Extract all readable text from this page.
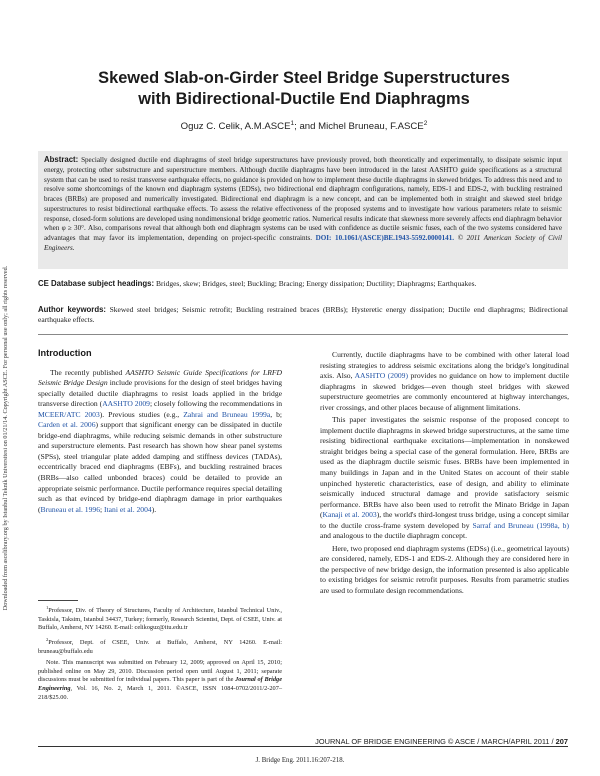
Downloaded from ascelibrary.org by Istanbul Teknik Universitesi on 01/21/14. Copyright ASCE. For personal use only; all rights reserved.
Skewed Slab-on-Girder Steel Bridge Superstructures
with Bidirectional-Ductile End Diaphragms
Oguz C. Celik, A.M.ASCE$^1$; and Michel Bruneau, F.ASCE$^2$
Abstract: Specially designed ductile end diaphragms of steel bridge superstructures have previously proved, both theoretically and experimentally, to dissipate seismic input energy, protecting other substructure and superstructure members. Although ductile diaphragms have been introduced in the latest AASHTO guide specifications as a structural system that can be used to resist transverse earthquake effects, no guidance is provided on how to implement these ductile diaphragms in skewed bridges. To address this need and to resolve some shortcomings of the known end diaphragm systems (EDSs), two bidirectional end diaphragm configurations, namely, EDS-1 and EDS-2, with buckling restrained braces (BRBs) are proposed and numerically investigated. Bidirectional end diaphragm is a new concept, and can be implemented both in straight and skewed steel bridge superstructures to resist bidirectional earthquake effects. To assess the relative effectiveness of the proposed systems and to investigate how various parameters relate to seismic response, closed-form solutions are developed using nondimensional bridge geometric ratios. Numerical results indicate that skewness more severely affects end diaphragm behavior when φ ≥ 30°. Also, comparisons reveal that although both end diaphragm systems can be used with confidence as ductile seismic fuses, each of the two systems considered have advantages that may favor its implementation, depending on project-specific constraints. DOI: 10.1061/(ASCE)BE.1943-5592.0000141. © 2011 American Society of Civil Engineers.
CE Database subject headings: Bridges, skew; Bridges, steel; Buckling; Bracing; Energy dissipation; Ductility; Diaphragms; Earthquakes.
Author keywords: Skewed steel bridges; Seismic retrofit; Buckling restrained braces (BRBs); Hysteretic energy dissipation; Ductile end diaphragms; Bidirectional earthquake effects.
Introduction

The recently published AASHTO Seismic Guide Specifications for LRFD Seismic Bridge Design include provisions for the design of steel bridges having specially detailed ductile diaphragms to resist loads applied in the bridge transverse direction (AASHTO 2009; closely following the recommendations in MCEER/ATC 2003). Previous studies (e.g., Zahrai and Bruneau 1999a, b; Carden et al. 2006) support that significant energy can be dissipated in ductile bridge-end diaphragms, while reducing seismic demands in other substructure and superstructure elements. Past research has shown how shear panel systems (SPSs), steel triangular plate added damping and stiffness devices (TADAs), eccentrically braced end diaphragms (EBFs), and buckling restrained braces (BRBs—also called unbonded braces) could be detailed to provide an appropriate seismic performance. Ductile performance requires special detailing such as that evinced by bridge-end diaphragm damage in prior earthquakes (Bruneau et al. 1996; Itani et al. 2004).

$^1$Professor, Div. of Theory of Structures, Faculty of Architecture, Istanbul Technical Univ., Taskisla, Taksim, Istanbul 34437, Turkey; formerly, Research Scientist, Dept. of CSEE, Univ. at Buffalo, Amherst, NY 14260. E-mail: celikoguz@itu.edu.tr

$^2$Professor, Dept. of CSEE, Univ. at Buffalo, Amherst, NY 14260. E-mail: bruneau@buffalo.edu

Note. This manuscript was submitted on February 12, 2009; approved on April 15, 2010; published online on May 29, 2010. Discussion period open until August 1, 2011; separate discussions must be submitted for individual papers. This paper is part of the Journal of Bridge Engineering, Vol. 16, No. 2, March 1, 2011. ©ASCE, ISSN 1084-0702/2011/2-207–218/$25.00.

Currently, ductile diaphragms have to be combined with other lateral load resisting strategies to address seismic excitations along the bridge's longitudinal axis. Also, AASHTO (2009) provides no guidance on how to implement ductile diaphragms in skewed bridges—even though steel bridges with skewed superstructure geometries are commonly encountered at highway interchanges, river crossings, and other places because of alignment limitations.

This paper investigates the seismic response of the proposed concept to implement ductile diaphragms in skewed bridge superstructures, at the same time resisting bidirectional earthquake excitations—implementation in nonskewed straight bridges being a special case of the general formulation. Here, BRBs are used as the diaphragm ductile seismic fuses. BRBs have been implemented in many buildings in Japan and in the United States on account of their stable unpinched hysteretic characteristics, ease of design, and ability to eliminate seismically induced structural damage and provide satisfactory seismic performance. BRBs have also been used to retrofit the Minato Bridge in Japan (Kanaji et al. 2003), the world's third-longest truss bridge, using a concept similar to the ductile cross-frame system developed by Sarraf and Bruneau (1998a, b) and analogous to the ductile diaphragm concept.

Here, two proposed end diaphragm systems (EDSs) (i.e., geometrical layouts) are considered, namely, EDS-1 and EDS-2. Although they are considered here in the perspective of new bridge design, the information presented is also applicable to existing bridges for seismic retrofit purposes. Results from parametric studies are used to formulate design recommendations.

JOURNAL OF BRIDGE ENGINEERING © ASCE / MARCH/APRIL 2011 / 207
J. Bridge Eng. 2011.16:207-218.
